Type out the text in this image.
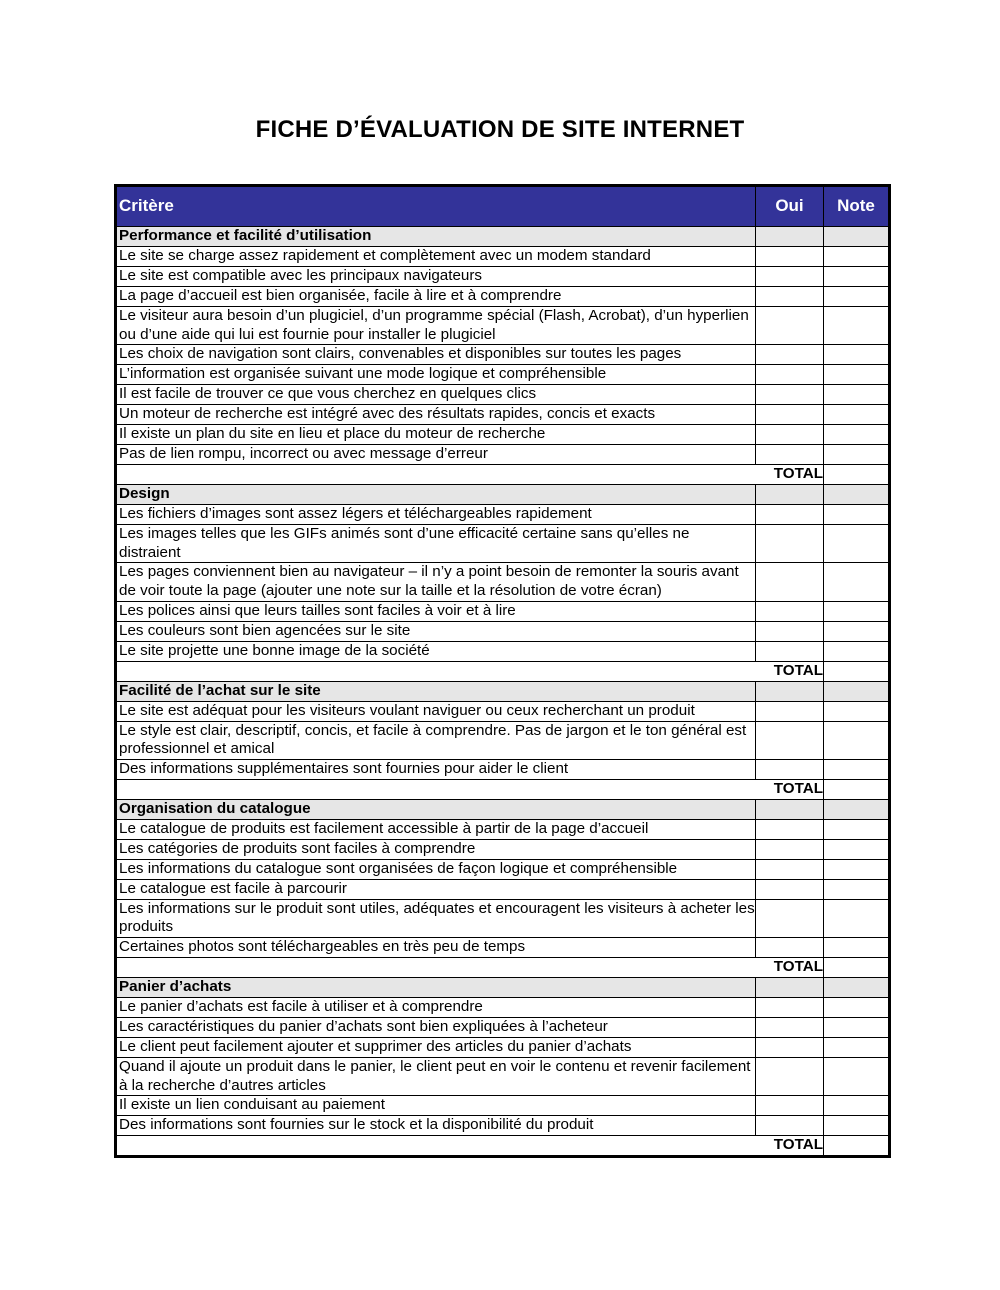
FICHE D’ÉVALUATION DE SITE INTERNET
Critère	Oui	Note
Performance et facilité d’utilisation		
Le site se charge assez rapidement et complètement avec un modem standard		
Le site est compatible avec les principaux navigateurs		
La page d’accueil est bien organisée, facile à lire et à comprendre		
Le visiteur aura besoin d’un plugiciel, d’un programme spécial (Flash, Acrobat), d’un hyperlien ou d’une aide qui lui est fournie pour installer le plugiciel		
Les choix de navigation sont clairs, convenables et disponibles sur toutes les pages		
L’information est organisée suivant une mode logique et compréhensible		
Il est facile de trouver ce que vous cherchez en quelques clics		
Un moteur de recherche est intégré avec des résultats rapides, concis et exacts		
Il existe un plan du site en lieu et place du moteur de recherche		
Pas de lien rompu, incorrect ou avec message d’erreur		
TOTAL		
Design		
Les fichiers d’images sont assez légers et téléchargeables rapidement		
Les images telles que les GIFs animés sont d’une efficacité certaine sans qu’elles ne distraient		
Les pages conviennent bien au navigateur – il n’y a point besoin de remonter la souris avant de voir toute la page (ajouter une note sur la taille et la résolution de votre écran)		
Les polices ainsi que leurs tailles sont faciles à voir et à lire		
Les couleurs sont bien agencées sur le site		
Le site projette une bonne image de la société		
TOTAL		
Facilité de l’achat sur le site		
Le site est adéquat pour les visiteurs voulant naviguer ou ceux recherchant un produit		
Le style est clair, descriptif, concis, et facile à comprendre. Pas de jargon et le ton général est professionnel et amical		
Des informations supplémentaires sont fournies pour aider le client		
TOTAL		
Organisation du catalogue		
Le catalogue de produits est facilement accessible à partir de la page d’accueil		
Les catégories de produits sont faciles à comprendre		
Les informations du catalogue sont organisées de façon logique et compréhensible		
Le catalogue est facile à parcourir		
Les informations sur le produit sont utiles, adéquates et encouragent les visiteurs à acheter les produits		
Certaines photos sont téléchargeables en très peu de temps		
TOTAL		
Panier d’achats		
Le panier d’achats est facile à utiliser et à comprendre		
Les caractéristiques du panier d’achats sont bien expliquées à l’acheteur		
Le client peut facilement ajouter et supprimer des articles du panier d’achats		
Quand il ajoute un produit dans le panier, le client peut en voir le contenu et revenir facilement à la recherche d’autres articles		
Il existe un lien conduisant au paiement		
Des informations sont fournies sur le stock et la disponibilité du produit		
TOTAL		
